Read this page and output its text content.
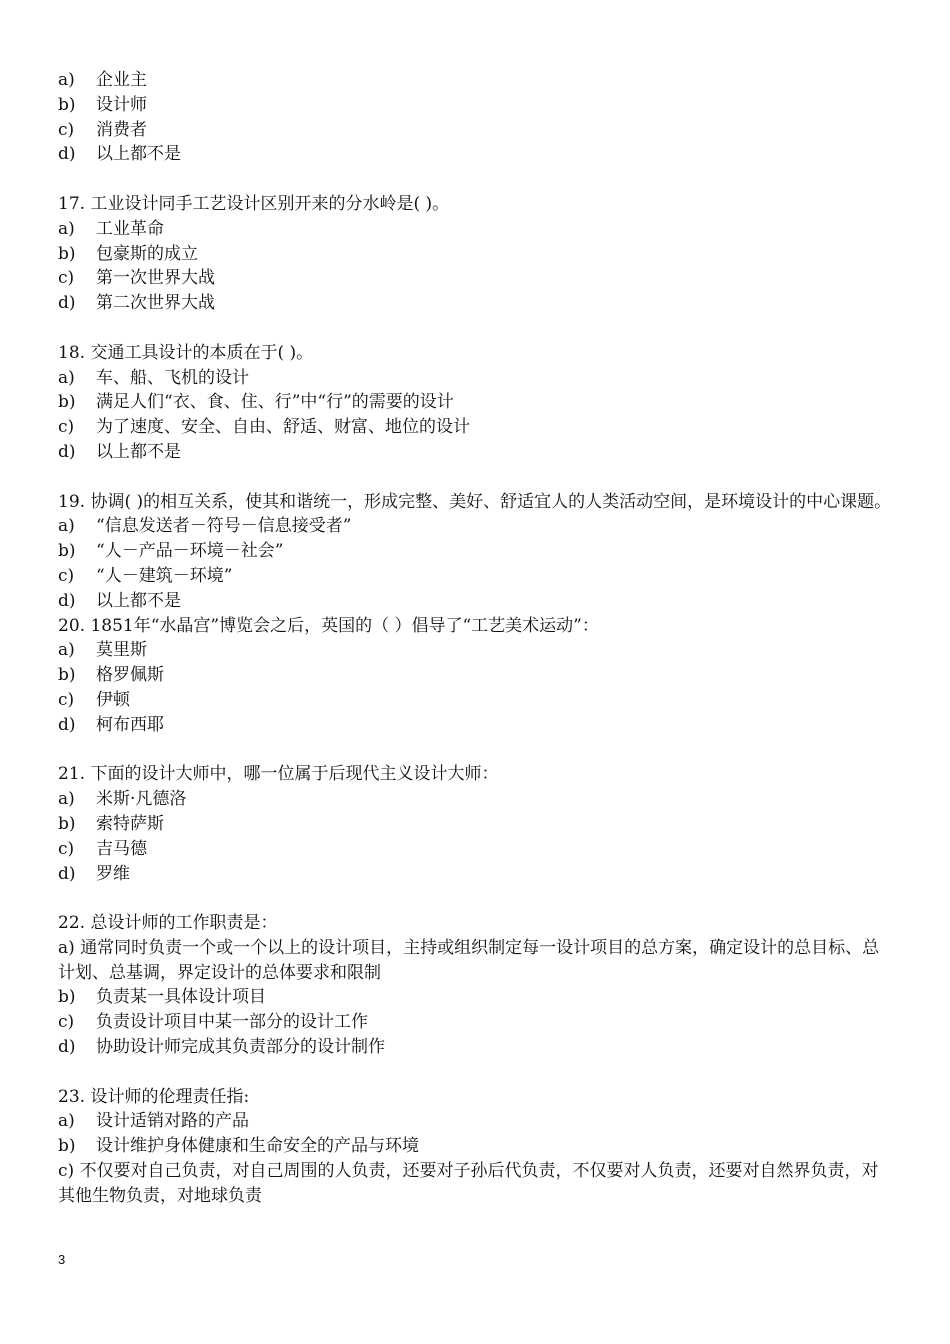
a)	企业主
b)	设计师
c)	消费者
d)	以上都不是
17. 工业设计同手工艺设计区别开来的分水岭是( )。
a)	工业革命
b)	包豪斯的成立
c)	第一次世界大战
d)	第二次世界大战
18. 交通工具设计的本质在于( )。
a)	车、船、飞机的设计
b)	满足人们“衣、食、住、行”中“行”的需要的设计
c)	为了速度、安全、自由、舒适、财富、地位的设计
d)	以上都不是
19. 协调( )的相互关系，使其和谐统一，形成完整、美好、舒适宜人的人类活动空间，是环境设计的中心课题。
a)	“信息发送者－符号－信息接受者”
b)	“人－产品－环境－社会”
c)	“人－建筑－环境”
d)	以上都不是
20. 1851年“水晶宫”博览会之后，英国的（ ）倡导了“工艺美术运动”：
a)	莫里斯
b)	格罗佩斯
c)	伊顿
d)	柯布西耶
21. 下面的设计大师中，哪一位属于后现代主义设计大师：
a)	米斯·凡德洛
b)	索特萨斯
c)	吉马德
d)	罗维
22. 总设计师的工作职责是：
a) 通常同时负责一个或一个以上的设计项目，主持或组织制定每一设计项目的总方案，确定设计的总目标、总计划、总基调，界定设计的总体要求和限制
b)	负责某一具体设计项目
c)	负责设计项目中某一部分的设计工作
d)	协助设计师完成其负责部分的设计制作
23. 设计师的伦理责任指:
a)	设计适销对路的产品
b)	设计维护身体健康和生命安全的产品与环境
c) 不仅要对自己负责，对自己周围的人负责，还要对子孙后代负责，不仅要对人负责，还要对自然界负责，对其他生物负责，对地球负责
3
